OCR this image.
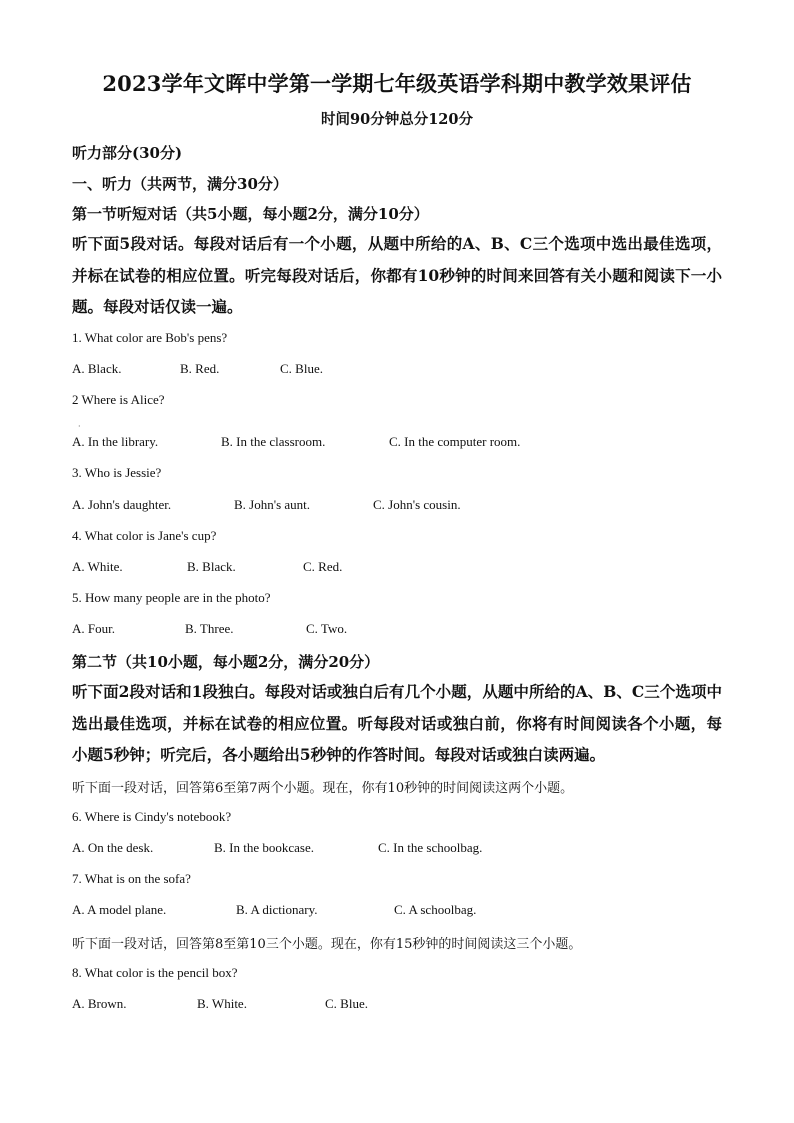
2023学年文晖中学第一学期七年级英语学科期中教学效果评估
时间90分钟总分120分
听力部分(30分)
一、听力（共两节，满分30分）
第一节听短对话（共5小题，每小题2分，满分10分）
听下面5段对话。每段对话后有一个小题，从题中所给的A、B、C三个选项中选出最佳选项，并标在试卷的相应位置。听完每段对话后，你都有10秒钟的时间来回答有关小题和阅读下一小题。每段对话仅读一遍。
1. What color are Bob's pens?
A. Black.	B. Red.	C. Blue.
2 Where is Alice?
·
A. In the library.	B. In the classroom.	C. In the computer room.
3. Who is Jessie?
A. John's daughter.	B. John's aunt.	C. John's cousin.
4. What color is Jane's cup?
A. White.	B. Black.	C. Red.
5. How many people are in the photo?
A. Four.	B. Three.	C. Two.
第二节（共10小题，每小题2分，满分20分）
听下面2段对话和1段独白。每段对话或独白后有几个小题，从题中所给的A、B、C三个选项中选出最佳选项，并标在试卷的相应位置。听每段对话或独白前，你将有时间阅读各个小题，每小题5秒钟；听完后，各小题给出5秒钟的作答时间。每段对话或独白读两遍。
听下面一段对话，回答第6至第7两个小题。现在，你有10秒钟的时间阅读这两个小题。
6. Where is Cindy's notebook?
A. On the desk.	B. In the bookcase.	C. In the schoolbag.
7. What is on the sofa?
A. A model plane.	B. A dictionary.	C. A schoolbag.
听下面一段对话，回答第8至第10三个小题。现在，你有15秒钟的时间阅读这三个小题。
8. What color is the pencil box?
A. Brown.	B. White.	C. Blue.
